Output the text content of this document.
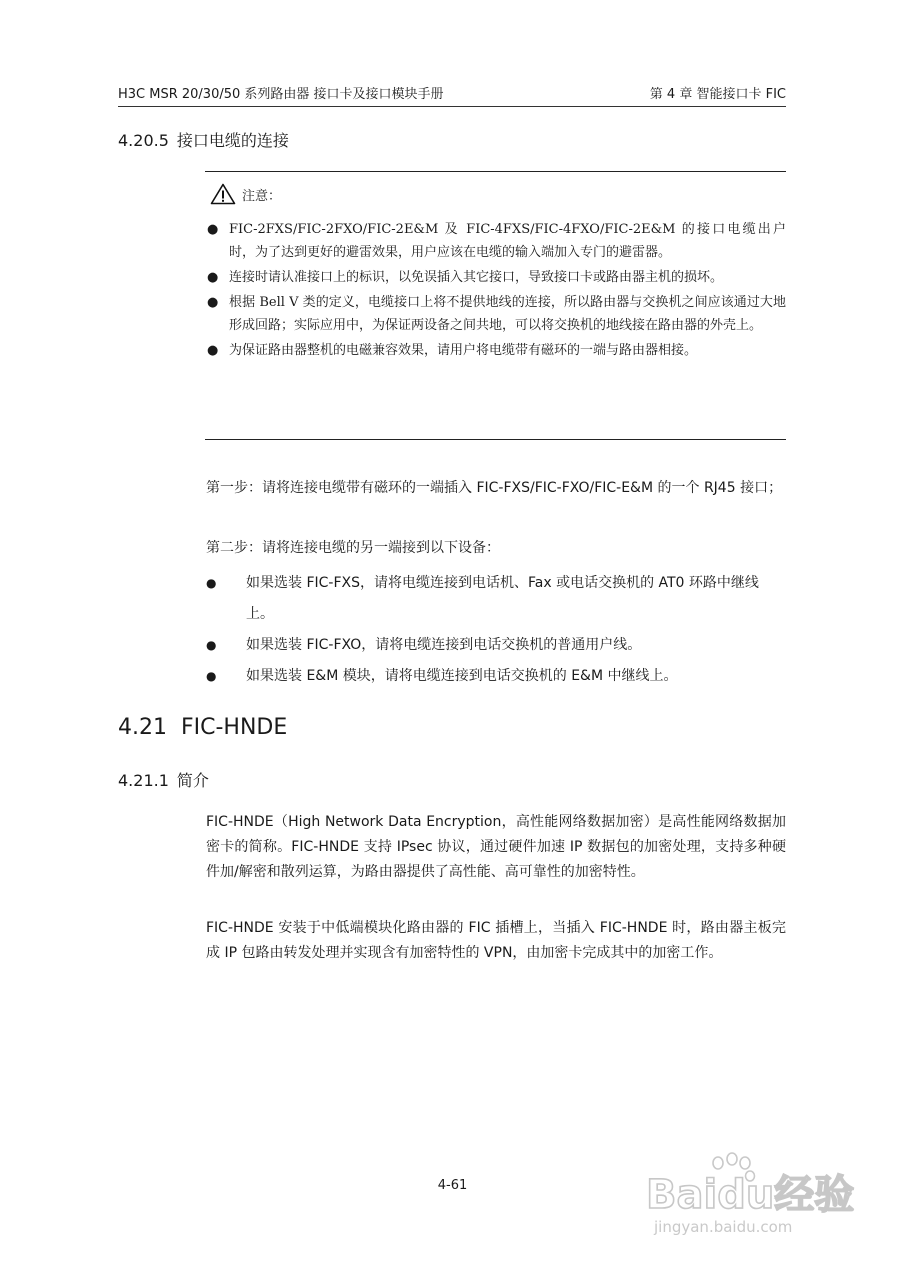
H3C MSR 20/30/50 系列路由器 接口卡及接口模块手册	第 4 章 智能接口卡 FIC
4.20.5 接口电缆的连接
注意：
● FIC-2FXS/FIC-2FXO/FIC-2E&M 及 FIC-4FXS/FIC-4FXO/FIC-2E&M 的接口电缆出户时，为了达到更好的避雷效果，用户应该在电缆的输入端加入专门的避雷器。
● 连接时请认准接口上的标识，以免误插入其它接口，导致接口卡或路由器主机的损坏。
● 根据 Bell V 类的定义，电缆接口上将不提供地线的连接，所以路由器与交换机之间应该通过大地形成回路；实际应用中，为保证两设备之间共地，可以将交换机的地线接在路由器的外壳上。
● 为保证路由器整机的电磁兼容效果，请用户将电缆带有磁环的一端与路由器相接。

第一步：请将连接电缆带有磁环的一端插入 FIC-FXS/FIC-FXO/FIC-E&M 的一个 RJ45 接口；

第二步：请将连接电缆的另一端接到以下设备：

● 如果选装 FIC-FXS，请将电缆连接到电话机、Fax 或电话交换机的 AT0 环路中继线上。
● 如果选装 FIC-FXO，请将电缆连接到电话交换机的普通用户线。
● 如果选装 E&M 模块，请将电缆连接到电话交换机的 E&M 中继线上。
4.21 FIC-HNDE
4.21.1 简介

FIC-HNDE（High Network Data Encryption，高性能网络数据加密）是高性能网络数据加密卡的简称。FIC-HNDE 支持 IPsec 协议，通过硬件加速 IP 数据包的加密处理，支持多种硬件加/解密和散列运算，为路由器提供了高性能、高可靠性的加密特性。

FIC-HNDE 安装于中低端模块化路由器的 FIC 插槽上，当插入 FIC-HNDE 时，路由器主板完成 IP 包路由转发处理并实现含有加密特性的 VPN，由加密卡完成其中的加密工作。

4-61	Baidu经验
jingyan.baidu.com
